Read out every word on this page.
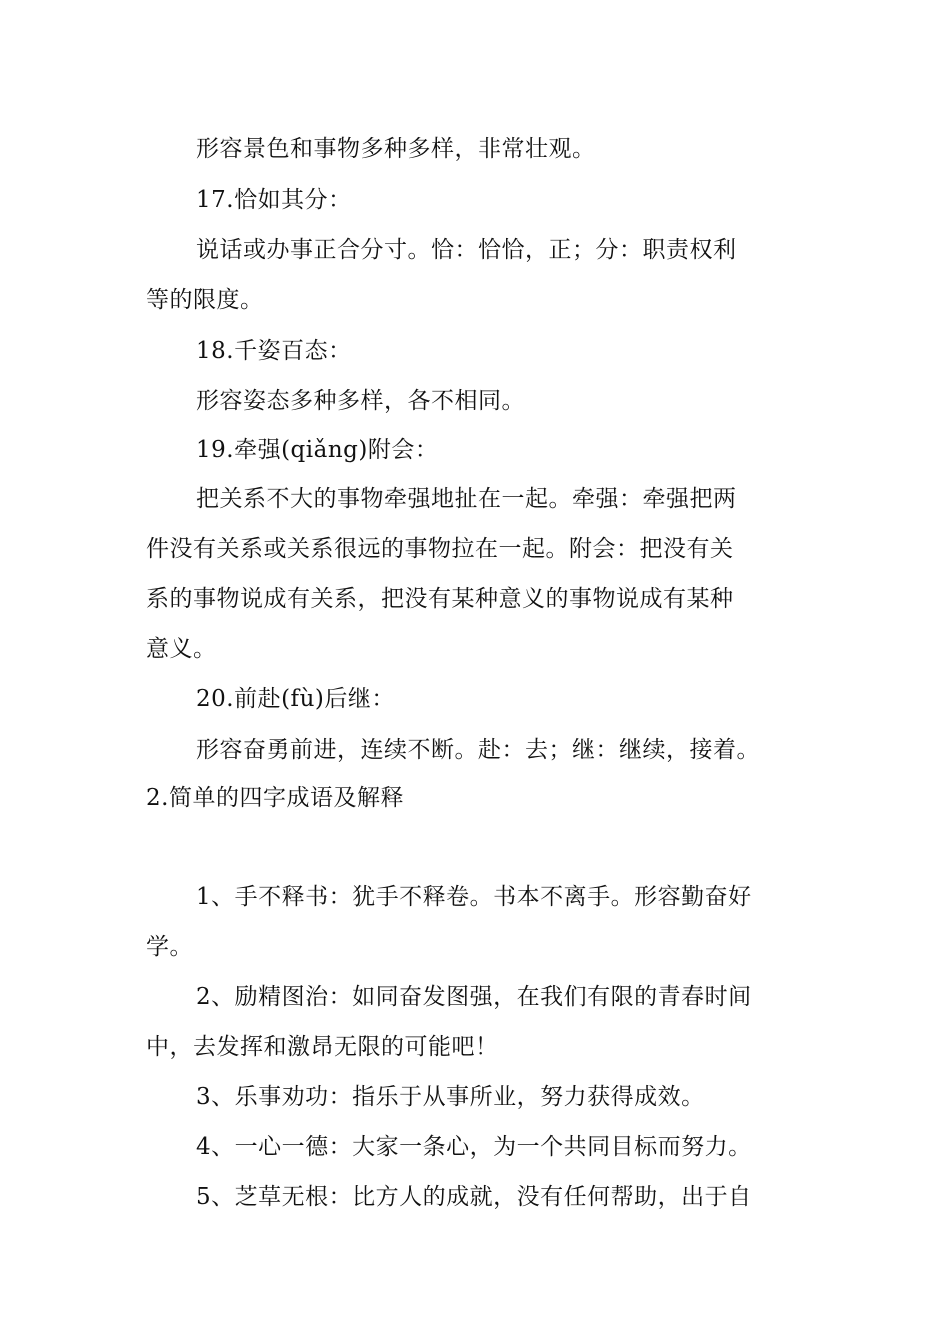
形容景色和事物多种多样，非常壮观。
17.恰如其分：
说话或办事正合分寸。恰：恰恰，正；分：职责权利
等的限度。
18.千姿百态：
形容姿态多种多样，各不相同。
19.牵强(qiǎng)附会：
把关系不大的事物牵强地扯在一起。牵强：牵强把两
件没有关系或关系很远的事物拉在一起。附会：把没有关
系的事物说成有关系，把没有某种意义的事物说成有某种
意义。
20.前赴(fù)后继：
形容奋勇前进，连续不断。赴：去；继：继续，接着。
2.简单的四字成语及解释
1、手不释书：犹手不释卷。书本不离手。形容勤奋好
学。
2、励精图治：如同奋发图强，在我们有限的青春时间
中，去发挥和激昂无限的可能吧！
3、乐事劝功：指乐于从事所业，努力获得成效。
4、一心一德：大家一条心，为一个共同目标而努力。
5、芝草无根：比方人的成就，没有任何帮助，出于自
